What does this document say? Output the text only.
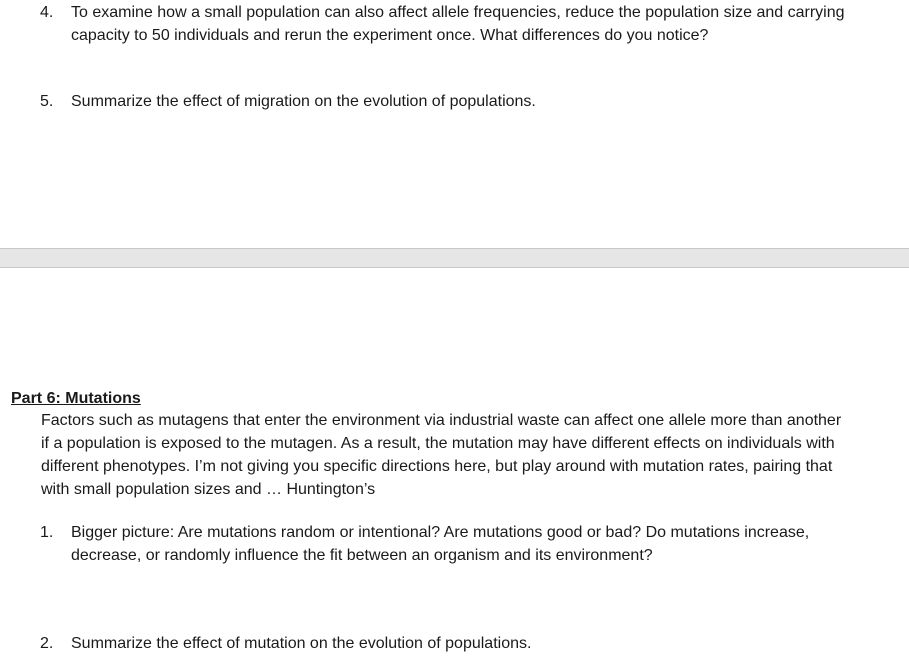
4.	To examine how a small population can also affect allele frequencies, reduce the population size and carrying capacity to 50 individuals and rerun the experiment once. What differences do you notice?
5.	Summarize the effect of migration on the evolution of populations.
Part 6: Mutations
Factors such as mutagens that enter the environment via industrial waste can affect one allele more than another if a population is exposed to the mutagen. As a result, the mutation may have different effects on individuals with different phenotypes. I’m not giving you specific directions here, but play around with mutation rates, pairing that with small population sizes and … Huntington’s
1.	Bigger picture: Are mutations random or intentional? Are mutations good or bad? Do mutations increase, decrease, or randomly influence the fit between an organism and its environment?
2.	Summarize the effect of mutation on the evolution of populations.
